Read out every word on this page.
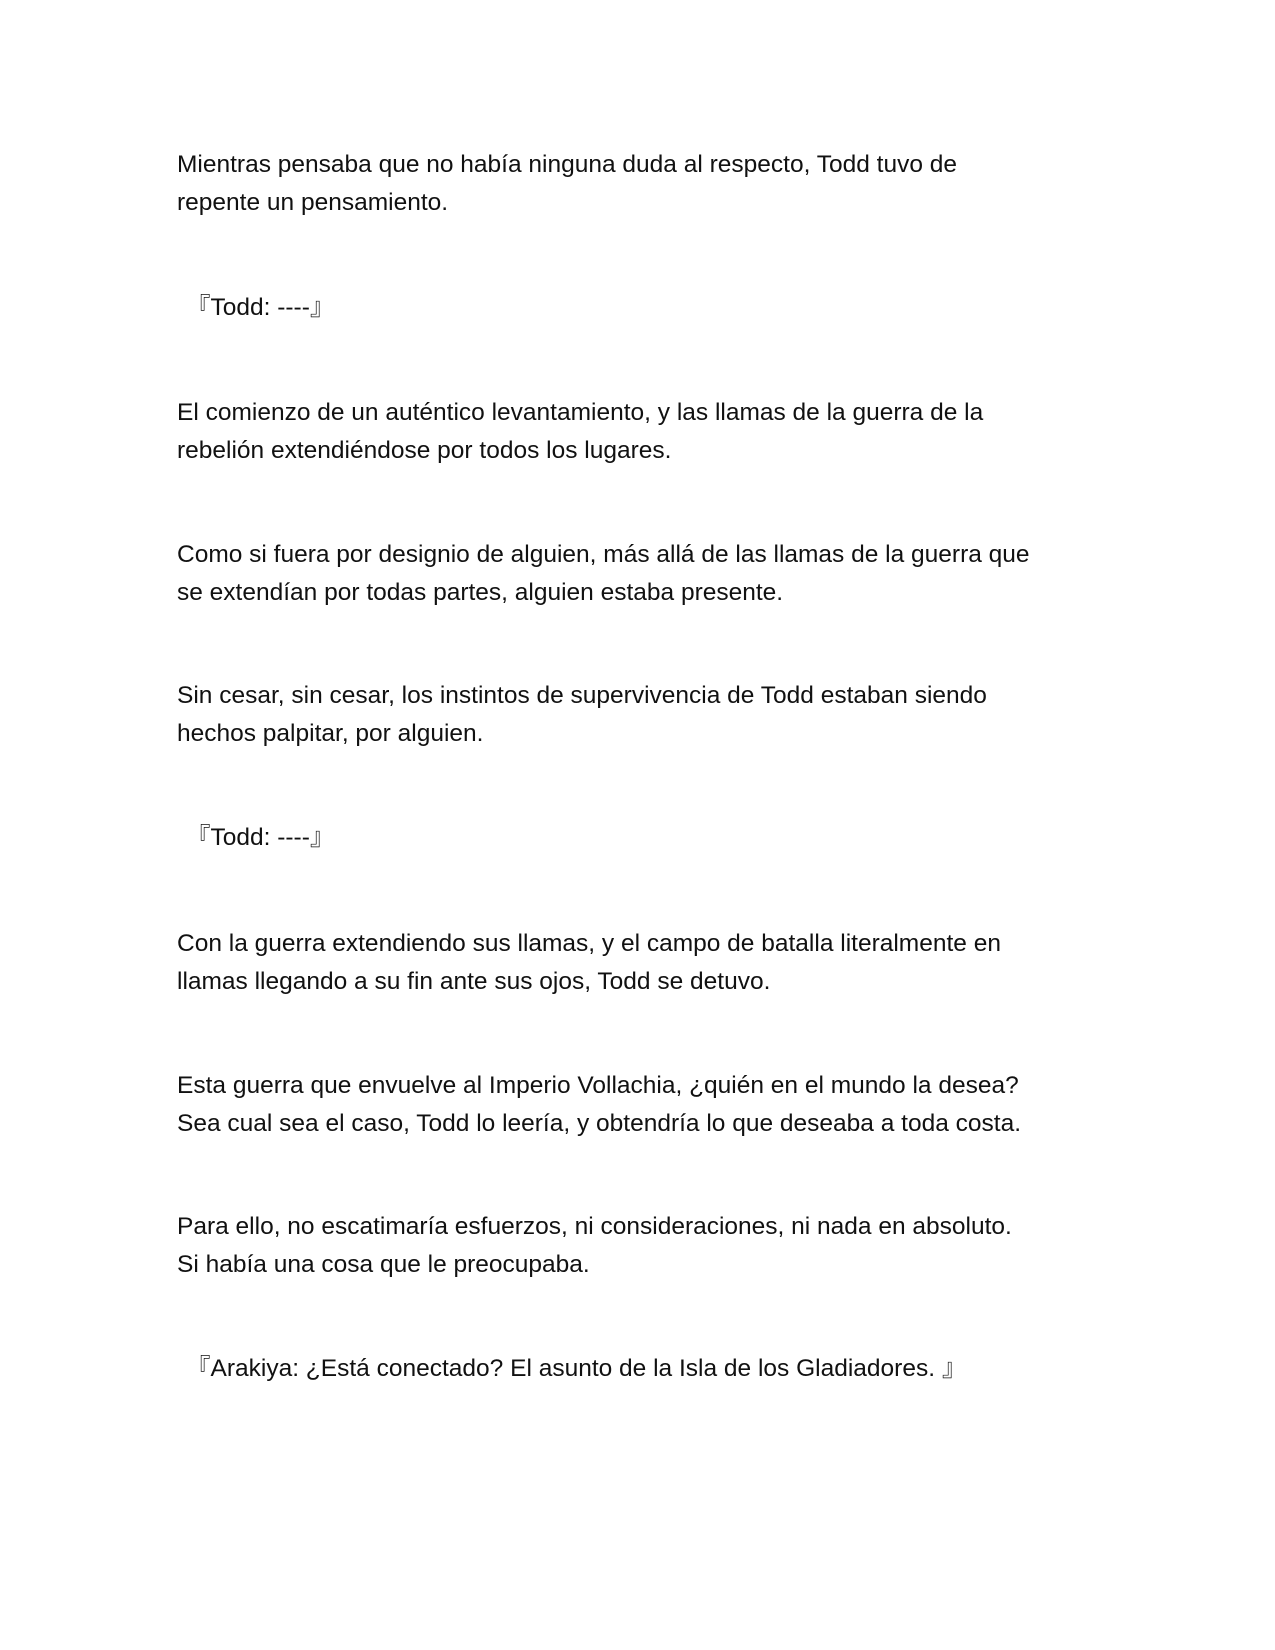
Mientras pensaba que no había ninguna duda al respecto, Todd tuvo de
repente un pensamiento.
『Todd: ----』
El comienzo de un auténtico levantamiento, y las llamas de la guerra de la
rebelión extendiéndose por todos los lugares.
Como si fuera por designio de alguien, más allá de las llamas de la guerra que
se extendían por todas partes, alguien estaba presente.
Sin cesar, sin cesar, los instintos de supervivencia de Todd estaban siendo
hechos palpitar, por alguien.
『Todd: ----』
Con la guerra extendiendo sus llamas, y el campo de batalla literalmente en
llamas llegando a su fin ante sus ojos, Todd se detuvo.
Esta guerra que envuelve al Imperio Vollachia, ¿quién en el mundo la desea?
Sea cual sea el caso, Todd lo leería, y obtendría lo que deseaba a toda costa.
Para ello, no escatimaría esfuerzos, ni consideraciones, ni nada en absoluto.
Si había una cosa que le preocupaba.
『Arakiya: ¿Está conectado? El asunto de la Isla de los Gladiadores. 』
